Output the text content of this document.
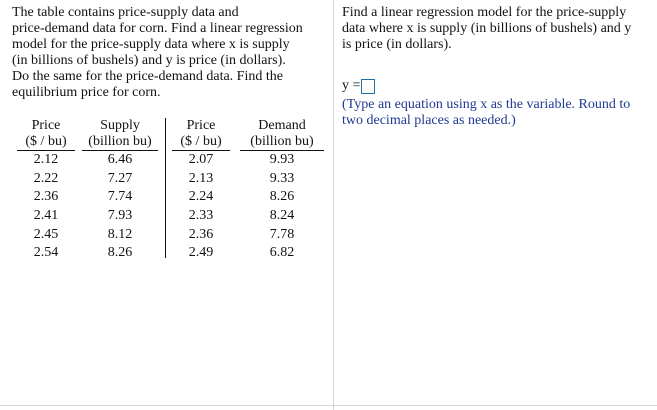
The table contains price-supply data and
price-demand data for corn. Find a linear regression
model for the price-supply data where x is supply
(in billions of bushels) and y is price (in dollars).
Do the same for the price-demand data. Find the
equilibrium price for corn.

Price
($ / bu)
2.12
2.22
2.36
2.41
2.45
2.54
Supply
(billion bu)
6.46
7.27
7.74
7.93
8.12
8.26
Price
($ / bu)
2.07
2.13
2.24
2.33
2.36
2.49
Demand
(billion bu)
9.93
9.33
8.26
8.24
7.78
6.82

Find a linear regression model for the price-supply
data where x is supply (in billions of bushels) and y
is price (in dollars).

y =

(Type an equation using x as the variable. Round to
two decimal places as needed.)
